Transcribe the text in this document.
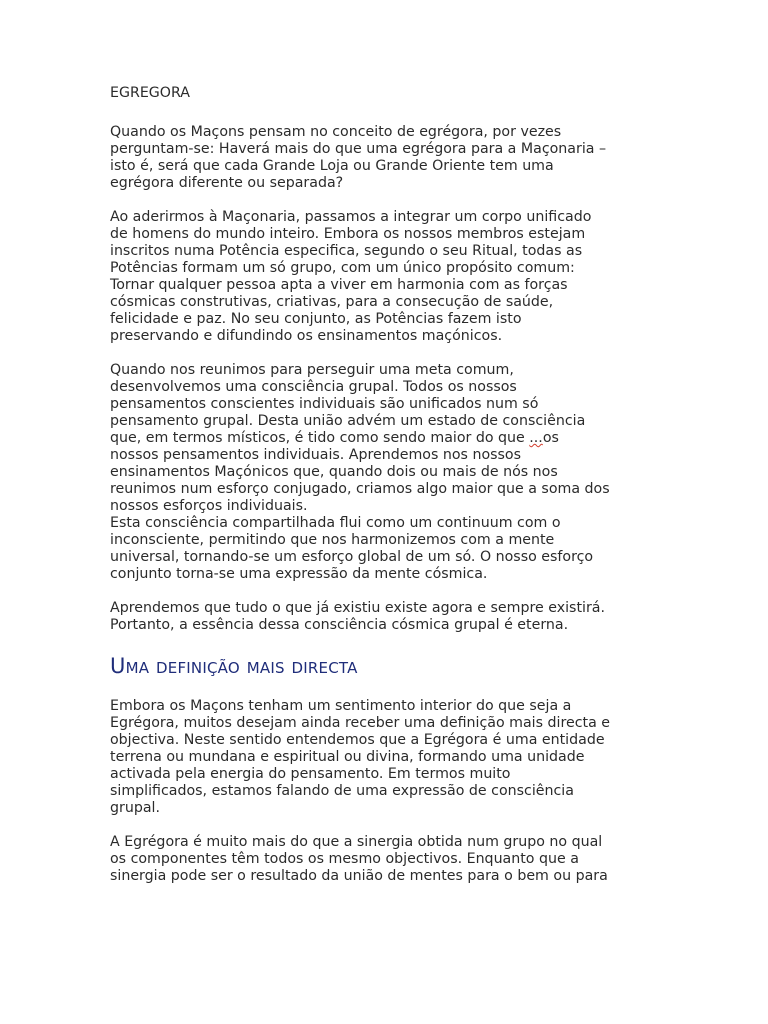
EGREGORA

Quando os Maçons pensam no conceito de egrégora, por vezes
perguntam-se: Haverá mais do que uma egrégora para a Maçonaria –
isto é, será que cada Grande Loja ou Grande Oriente tem uma
egrégora diferente ou separada?

Ao aderirmos à Maçonaria, passamos a integrar um corpo unificado
de homens do mundo inteiro. Embora os nossos membros estejam
inscritos numa Potência especifica, segundo o seu Ritual, todas as
Potências formam um só grupo, com um único propósito comum:
Tornar qualquer pessoa apta a viver em harmonia com as forças
cósmicas construtivas, criativas, para a consecução de saúde,
felicidade e paz. No seu conjunto, as Potências fazem isto
preservando e difundindo os ensinamentos maçónicos.

Quando nos reunimos para perseguir uma meta comum,
desenvolvemos uma consciência grupal. Todos os nossos
pensamentos conscientes individuais são unificados num só
pensamento grupal. Desta união advém um estado de consciência
que, em termos místicos, é tido como sendo maior do que ...os
nossos pensamentos individuais. Aprendemos nos nossos
ensinamentos Maçónicos que, quando dois ou mais de nós nos
reunimos num esforço conjugado, criamos algo maior que a soma dos
nossos esforços individuais.
Esta consciência compartilhada flui como um continuum com o
inconsciente, permitindo que nos harmonizemos com a mente
universal, tornando-se um esforço global de um só. O nosso esforço
conjunto torna-se uma expressão da mente cósmica.

Aprendemos que tudo o que já existiu existe agora e sempre existirá.
Portanto, a essência dessa consciência cósmica grupal é eterna.

Uma definição mais directa

Embora os Maçons tenham um sentimento interior do que seja a
Egrégora, muitos desejam ainda receber uma definição mais directa e
objectiva. Neste sentido entendemos que a Egrégora é uma entidade
terrena ou mundana e espiritual ou divina, formando uma unidade
activada pela energia do pensamento. Em termos muito
simplificados, estamos falando de uma expressão de consciência
grupal.

A Egrégora é muito mais do que a sinergia obtida num grupo no qual
os componentes têm todos os mesmo objectivos. Enquanto que a
sinergia pode ser o resultado da união de mentes para o bem ou para
